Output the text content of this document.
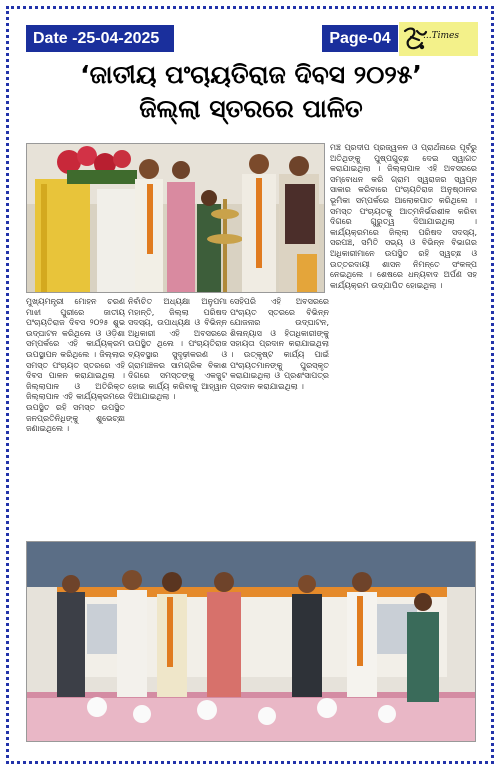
Date -25-04-2025	Page-04	...Times
‘ଜାତୀୟ ପଂଚାୟତିରାଜ ଦିବସ ୨୦୨୫’
ଜିଲ୍ଲା ସ୍ତରରେ ପାଳିତ

ମୁଖ୍ୟମନ୍ତ୍ରୀ ମୋହନ ଚରଣ ମାଝୀ ପୁରୀରେ ଜାତୀୟ ପଂଚାୟତିରାଜ ଦିବସ ୨୦୨୫ ଶୁଭ ଉଦ୍‌ଘାଟନ କରିଥିଲେ ଓ ଓଡ଼ିଶା ସମ୍ପର୍କରେ ଏହି କାର୍ଯ୍ୟକ୍ରମ ଉପସ୍ଥାପନ କରିଥିଲେ । ଜିଲ୍ଲାର ସମସ୍ତ ପଂଚାୟତ ସ୍ତରରେ ଏହି ଦିବସ ପାଳନ କରାଯାଇଥିଲା । ଜିଲ୍ଲାପାଳ ଓ ଅତିରିକ୍ତ ଜିଲ୍ଲାପାଳ ଏହି କାର୍ଯ୍ୟକ୍ରମରେ ଉପସ୍ଥିତ ରହି ସମସ୍ତ ଉପସ୍ଥିତ ଜନପ୍ରତିନିଧିଙ୍କୁ ଶୁଭେଚ୍ଛା ଜଣାଇଥିଲେ ।

ନିର୍ବାଚିତ ଅଧ୍ୟକ୍ଷା ଅନୁପମା ମହାନ୍ତି, ଜିଲ୍ଲା ପରିଷଦ ସଦସ୍ୟ, ଉପାଧ୍ୟକ୍ଷ ଓ ବିଭିନ୍ନ ଅଧିକାରୀ ଏହି ଅବସରରେ ଉପସ୍ଥିତ ଥିଲେ । ପଂଚାୟତିରାଜ ବ୍ୟବସ୍ଥାର ସୁଦୃଢ଼ୀକରଣ ଓ ଗ୍ରାମାଞ୍ଚଳର ସାମଗ୍ରିକ ବିକାଶ ଦିଗରେ ସମସ୍ତଙ୍କୁ ଏକଜୁଟ ହୋଇ କାର୍ଯ୍ୟ କରିବାକୁ ଆହ୍ୱାନ ଦିଆଯାଇଥିଲା ।

ସେହିପରି ଏହି ଅବସରରେ ପଂଚାୟତ ସ୍ତରରେ ବିଭିନ୍ନ ଯୋଜନାର ଉଦ୍‌ଘାଟନ, ଶିଳାନ୍ୟାସ ଓ ହିତାଧିକାରୀଙ୍କୁ ସହାୟତା ପ୍ରଦାନ କରାଯାଇଥିଲା । ଉତ୍କୃଷ୍ଟ କାର୍ଯ୍ୟ ପାଇଁ ପଂଚାୟତମାନଙ୍କୁ ପୁରସ୍କୃତ କରାଯାଇଥିଲା ଓ ପ୍ରଶଂସାପତ୍ର ପ୍ରଦାନ କରାଯାଇଥିଲା ।

ମଞ୍ଚ ପ୍ରଦୀପ ପ୍ରଜ୍ୱଳନ ଓ ପ୍ରାର୍ଥନାରେ ପୂର୍ବରୁ ଅତିଥିଙ୍କୁ ପୁଷ୍ପଗୁଚ୍ଛ ଦେଇ ସ୍ୱାଗତ କରାଯାଇଥିଲା । ଜିଲ୍ଲାପାଳ ଏହି ଅବସରରେ ସମ୍ବୋଧନ କରି ଗ୍ରାମ ସ୍ୱରାଜର ସ୍ୱପ୍ନ ସାକାର କରିବାରେ ପଂଚାୟତିରାଜ ଅନୁଷ୍ଠାନର ଭୂମିକା ସମ୍ପର୍କରେ ଆଲୋକପାତ କରିଥିଲେ । ସମସ୍ତ ପଂଚାୟତକୁ ଆତ୍ମନିର୍ଭରଶୀଳ କରିବା ଦିଗରେ ଗୁରୁତ୍ୱ ଦିଆଯାଇଥିଲା । କାର୍ଯ୍ୟକ୍ରମରେ ଜିଲ୍ଲା ପରିଷଦ ସଦସ୍ୟ, ସରପଞ୍ଚ, ସମିତି ସଭ୍ୟ ଓ ବିଭିନ୍ନ ବିଭାଗର ଅଧିକାରୀମାନେ ଉପସ୍ଥିତ ରହି ସ୍ୱଚ୍ଛ ଓ ଉତ୍ତରଦାୟୀ ଶାସନ ନିମନ୍ତେ ସଂକଳ୍ପ ନେଇଥିଲେ । ଶେଷରେ ଧନ୍ୟବାଦ ଅର୍ପଣ ସହ କାର୍ଯ୍ୟକ୍ରମ ଉଦ୍‌ଯାପିତ ହୋଇଥିଲା ।
